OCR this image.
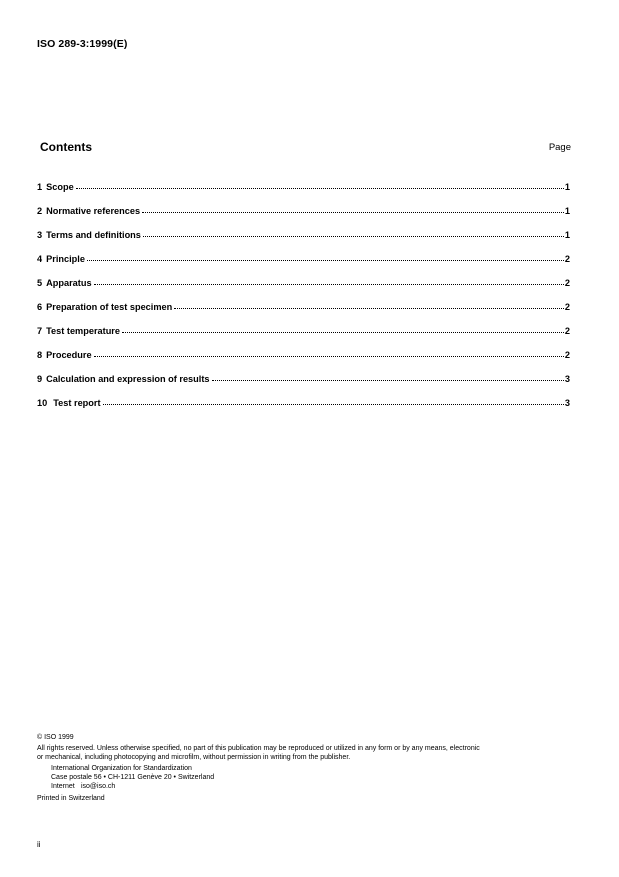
ISO 289-3:1999(E)
Contents	Page
1 Scope	1
2 Normative references	1
3 Terms and definitions	1
4 Principle	2
5 Apparatus	2
6 Preparation of test specimen	2
7 Test temperature	2
8 Procedure	2
9 Calculation and expression of results	3
10 Test report	3
© ISO 1999
All rights reserved. Unless otherwise specified, no part of this publication may be reproduced or utilized in any form or by any means, electronic
or mechanical, including photocopying and microfilm, without permission in writing from the publisher.
International Organization for Standardization
Case postale 56 • CH-1211 Genève 20 • Switzerland
Internet iso@iso.ch
Printed in Switzerland
ii
